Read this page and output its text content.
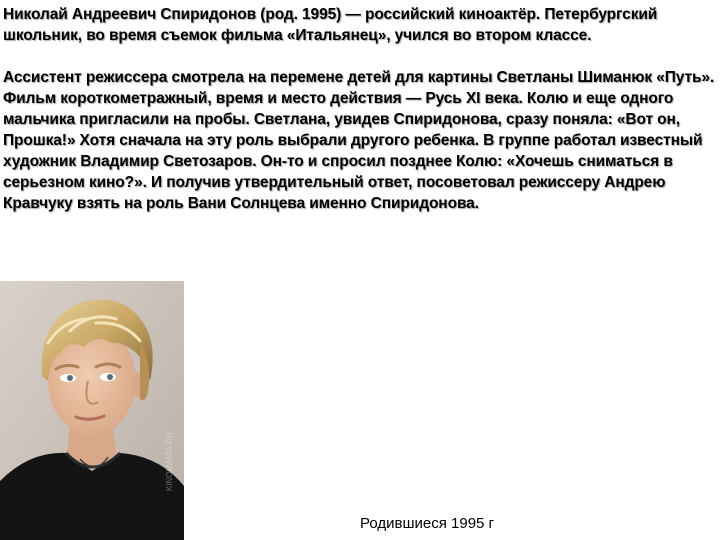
Николай Андреевич Спиридонов (род. 1995) — российский киноактёр. Петербургский школьник, во время съемок фильма «Итальянец», учился во втором классе.

Ассистент режиссера смотрела на перемене детей для картины Светланы Шиманюк «Путь». Фильм короткометражный, время и место действия — Русь XI века. Колю и еще одного мальчика пригласили на пробы. Светлана, увидев Спиридонова, сразу поняла: «Вот он, Прошка!» Хотя сначала на эту роль выбрали другого ребенка. В группе работал известный художник Владимир Светозаров. Он-то и спросил позднее Колю: «Хочешь сниматься в серьезном кино?». И получив утвердительный ответ, посоветовал режиссеру Андрею Кравчуку взять на роль Вани Солнцева именно Спиридонова.

KINOMANIA.RU
Родившиеся 1995 г
